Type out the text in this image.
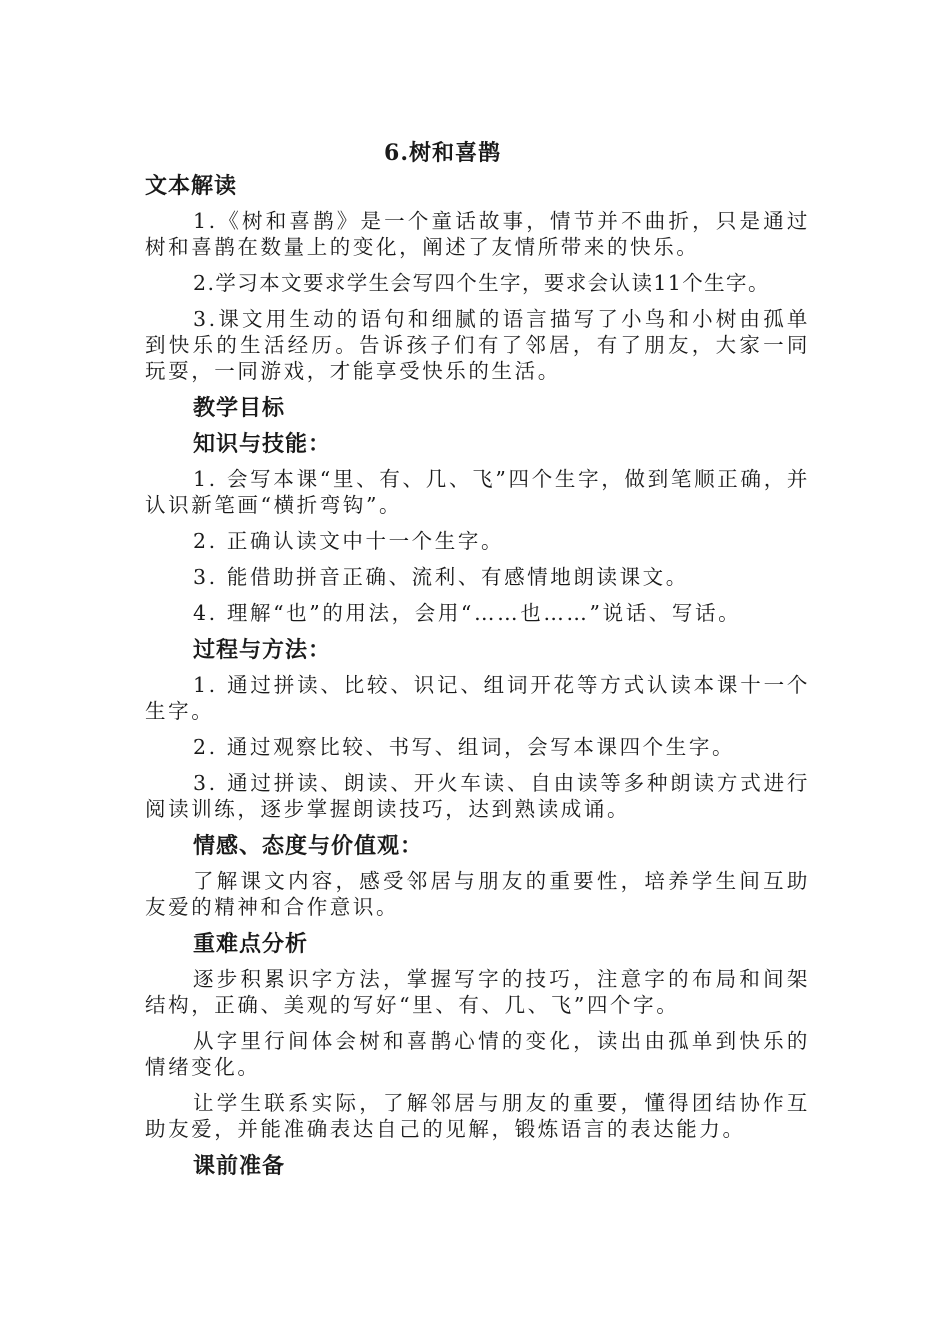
6.树和喜鹊
文本解读

1.《树和喜鹊》是一个童话故事，情节并不曲折，只是通过树和喜鹊在数量上的变化，阐述了友情所带来的快乐。

2.学习本文要求学生会写四个生字，要求会认读11个生字。

3.课文用生动的语句和细腻的语言描写了小鸟和小树由孤单到快乐的生活经历。告诉孩子们有了邻居，有了朋友，大家一同玩耍，一同游戏，才能享受快乐的生活。

教学目标
知识与技能：

1. 会写本课“里、有、几、飞”四个生字，做到笔顺正确，并认识新笔画“横折弯钩”。

2. 正确认读文中十一个生字。

3. 能借助拼音正确、流利、有感情地朗读课文。

4. 理解“也”的用法，会用“……也……”说话、写话。

过程与方法：

1. 通过拼读、比较、识记、组词开花等方式认读本课十一个生字。

2. 通过观察比较、书写、组词，会写本课四个生字。

3. 通过拼读、朗读、开火车读、自由读等多种朗读方式进行阅读训练，逐步掌握朗读技巧，达到熟读成诵。

情感、态度与价值观：

了解课文内容，感受邻居与朋友的重要性，培养学生间互助友爱的精神和合作意识。

重难点分析

逐步积累识字方法，掌握写字的技巧，注意字的布局和间架结构，正确、美观的写好“里、有、几、飞”四个字。

从字里行间体会树和喜鹊心情的变化，读出由孤单到快乐的情绪变化。

让学生联系实际，了解邻居与朋友的重要，懂得团结协作互助友爱，并能准确表达自己的见解，锻炼语言的表达能力。

课前准备
